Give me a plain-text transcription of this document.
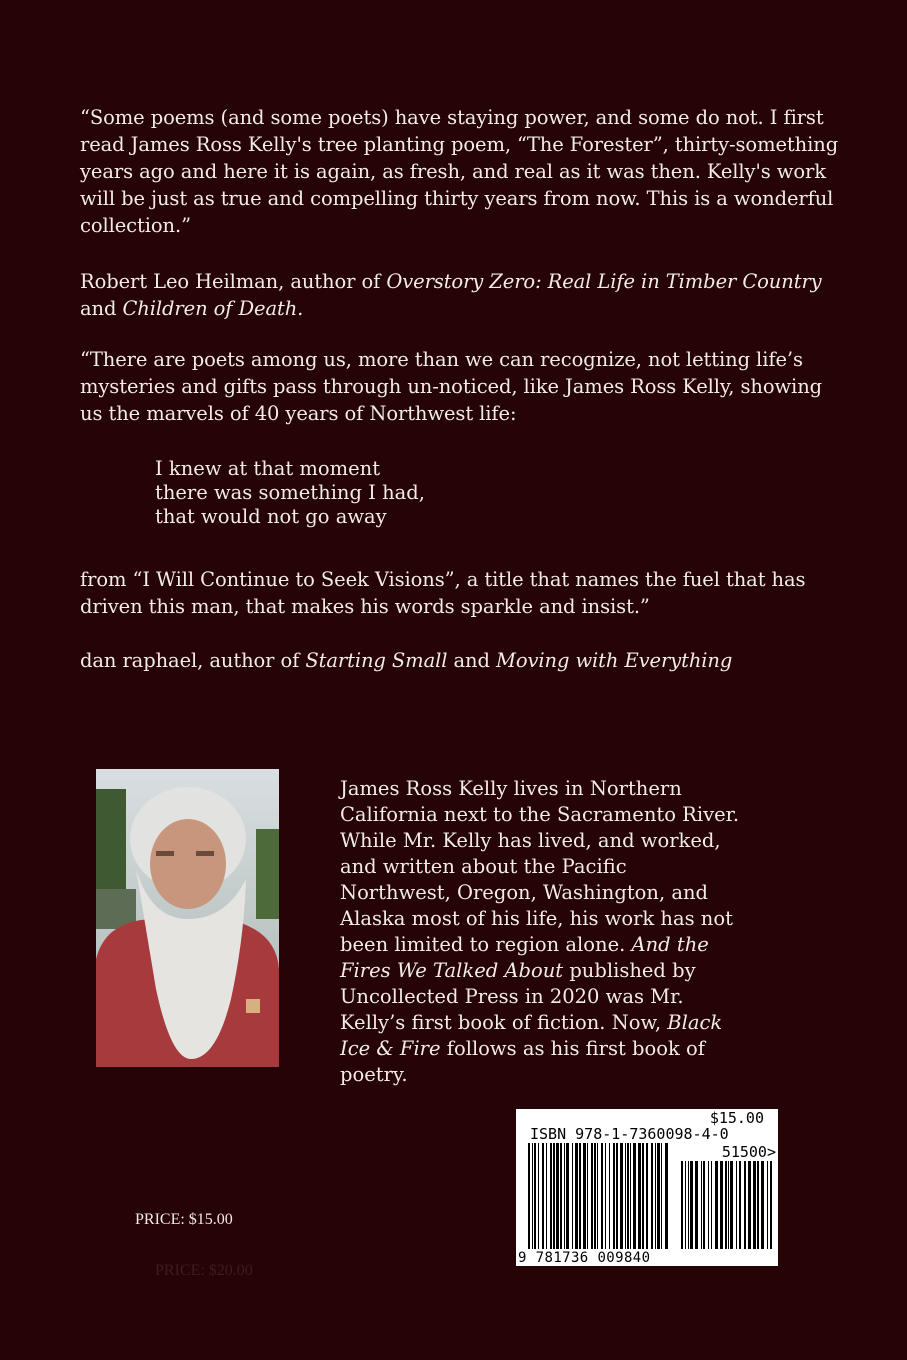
“Some poems (and some poets) have staying power, and some do not. I first read James Ross Kelly's tree planting poem, “The Forester”, thirty-something years ago and here it is again, as fresh, and real as it was then. Kelly's work will be just as true and compelling thirty years from now. This is a wonderful collection.”

Robert Leo Heilman, author of Overstory Zero: Real Life in Timber Country
and Children of Death.

“There are poets among us, more than we can recognize, not letting life’s mysteries and gifts pass through un-noticed, like James Ross Kelly, showing us the marvels of 40 years of Northwest life:

I knew at that moment
there was something I had,
that would not go away

from “I Will Continue to Seek Visions”, a title that names the fuel that has driven this man, that makes his words sparkle and insist.”

dan raphael, author of Starting Small and Moving with Everything

James Ross Kelly lives in Northern California next to the Sacramento River. While Mr. Kelly has lived, and worked, and written about the Pacific Northwest, Oregon, Washington, and Alaska most of his life, his work has not been limited to region alone. And the Fires We Talked About published by Uncollected Press in 2020 was Mr. Kelly’s first book of fiction. Now, Black Ice & Fire follows as his first book of poetry.

$15.00
ISBN 978-1-7360098-4-0
51500>
9 781736 009840
PRICE: $15.00
PRICE: $20.00
